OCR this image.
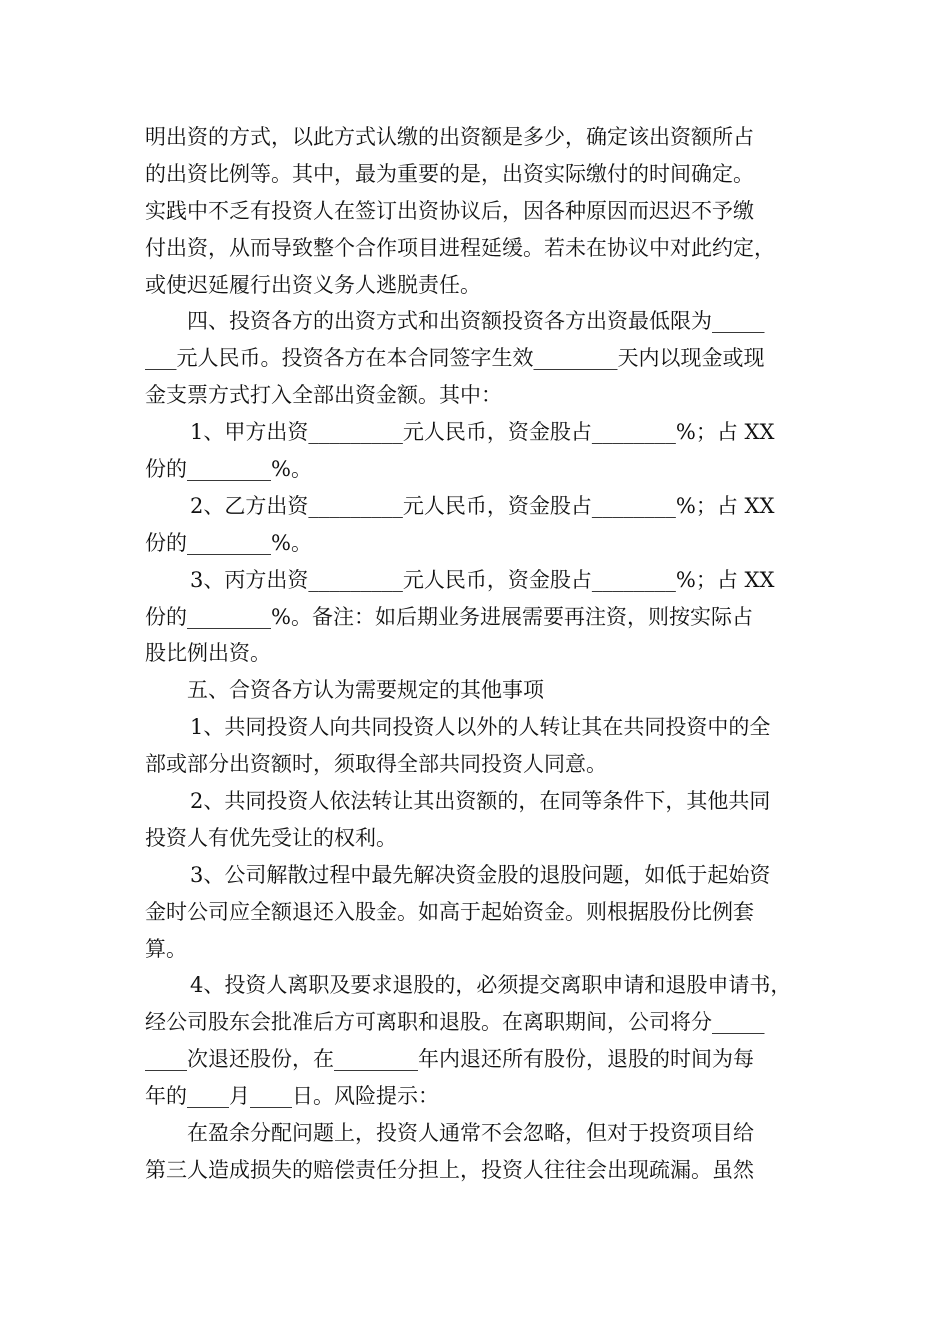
明出资的方式，以此方式认缴的出资额是多少，确定该出资额所占
的出资比例等。其中，最为重要的是，出资实际缴付的时间确定。
实践中不乏有投资人在签订出资协议后，因各种原因而迟迟不予缴
付出资，从而导致整个合作项目进程延缓。若未在协议中对此约定，
或使迟延履行出资义务人逃脱责任。
四、投资各方的出资方式和出资额投资各方出资最低限为_____
___元人民币。投资各方在本合同签字生效________天内以现金或现
金支票方式打入全部出资金额。其中：
1、甲方出资_________元人民币，资金股占________%；占 XX
份的________%。
2、乙方出资_________元人民币，资金股占________%；占 XX
份的________%。
3、丙方出资_________元人民币，资金股占________%；占 XX
份的________%。备注：如后期业务进展需要再注资，则按实际占
股比例出资。
五、合资各方认为需要规定的其他事项
1、共同投资人向共同投资人以外的人转让其在共同投资中的全
部或部分出资额时，须取得全部共同投资人同意。
2、共同投资人依法转让其出资额的，在同等条件下，其他共同
投资人有优先受让的权利。
3、公司解散过程中最先解决资金股的退股问题，如低于起始资
金时公司应全额退还入股金。如高于起始资金。则根据股份比例套
算。
4、投资人离职及要求退股的，必须提交离职申请和退股申请书，
经公司股东会批准后方可离职和退股。在离职期间，公司将分_____
____次退还股份，在________年内退还所有股份，退股的时间为每
年的____月____日。风险提示：
在盈余分配问题上，投资人通常不会忽略，但对于投资项目给
第三人造成损失的赔偿责任分担上，投资人往往会出现疏漏。虽然
